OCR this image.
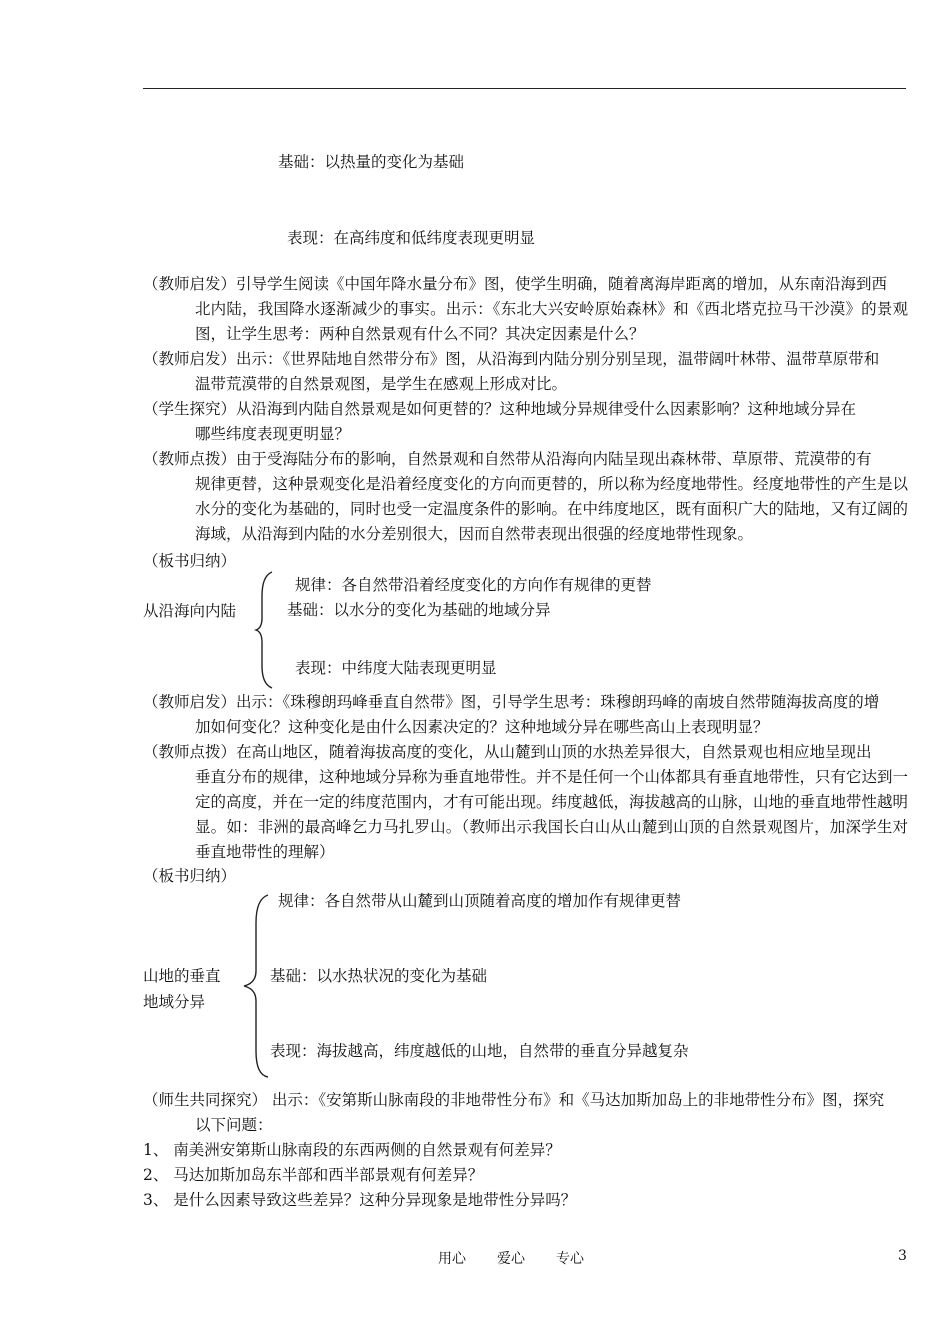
基础：以热量的变化为基础
表现：在高纬度和低纬度表现更明显
（教师启发）引导学生阅读《中国年降水量分布》图，使学生明确，随着离海岸距离的增加，从东南沿海到西
北内陆，我国降水逐渐减少的事实。出示：《东北大兴安岭原始森林》和《西北塔克拉马干沙漠》的景观图，让学生思考：两种自然景观有什么不同？其决定因素是什么？
（教师启发）出示：《世界陆地自然带分布》图，从沿海到内陆分别分别呈现，温带阔叶林带、温带草原带和
温带荒漠带的自然景观图，是学生在感观上形成对比。
（学生探究）从沿海到内陆自然景观是如何更替的？这种地域分异规律受什么因素影响？这种地域分异在
哪些纬度表现更明显？
（教师点拨）由于受海陆分布的影响，自然景观和自然带从沿海向内陆呈现出森林带、草原带、荒漠带的有
规律更替，这种景观变化是沿着经度变化的方向而更替的，所以称为经度地带性。经度地带性的产生是以水分的变化为基础的，同时也受一定温度条件的影响。在中纬度地区，既有面积广大的陆地，又有辽阔的海域，从沿海到内陆的水分差别很大，因而自然带表现出很强的经度地带性现象。
（板书归纳）
从沿海向内陆
规律：各自然带沿着经度变化的方向作有规律的更替
基础：以水分的变化为基础的地域分异
表现：中纬度大陆表现更明显
（教师启发）出示：《珠穆朗玛峰垂直自然带》图，引导学生思考：珠穆朗玛峰的南坡自然带随海拔高度的增
加如何变化？这种变化是由什么因素决定的？这种地域分异在哪些高山上表现明显？
（教师点拨）在高山地区，随着海拔高度的变化，从山麓到山顶的水热差异很大，自然景观也相应地呈现出
垂直分布的规律，这种地域分异称为垂直地带性。并不是任何一个山体都具有垂直地带性，只有它达到一定的高度，并在一定的纬度范围内，才有可能出现。纬度越低，海拔越高的山脉，山地的垂直地带性越明显。如：非洲的最高峰乞力马扎罗山。（教师出示我国长白山从山麓到山顶的自然景观图片，加深学生对垂直地带性的理解）
（板书归纳）
山地的垂直
地域分异
规律：各自然带从山麓到山顶随着高度的增加作有规律更替
基础：以水热状况的变化为基础
表现：海拔越高，纬度越低的山地，自然带的垂直分异越复杂
（师生共同探究） 出示：《安第斯山脉南段的非地带性分布》和《马达加斯加岛上的非地带性分布》图，探究
以下问题：
1、 南美洲安第斯山脉南段的东西两侧的自然景观有何差异？
2、 马达加斯加岛东半部和西半部景观有何差异？
3、 是什么因素导致这些差异？这种分异现象是地带性分异吗？
用心 爱心 专心	3
